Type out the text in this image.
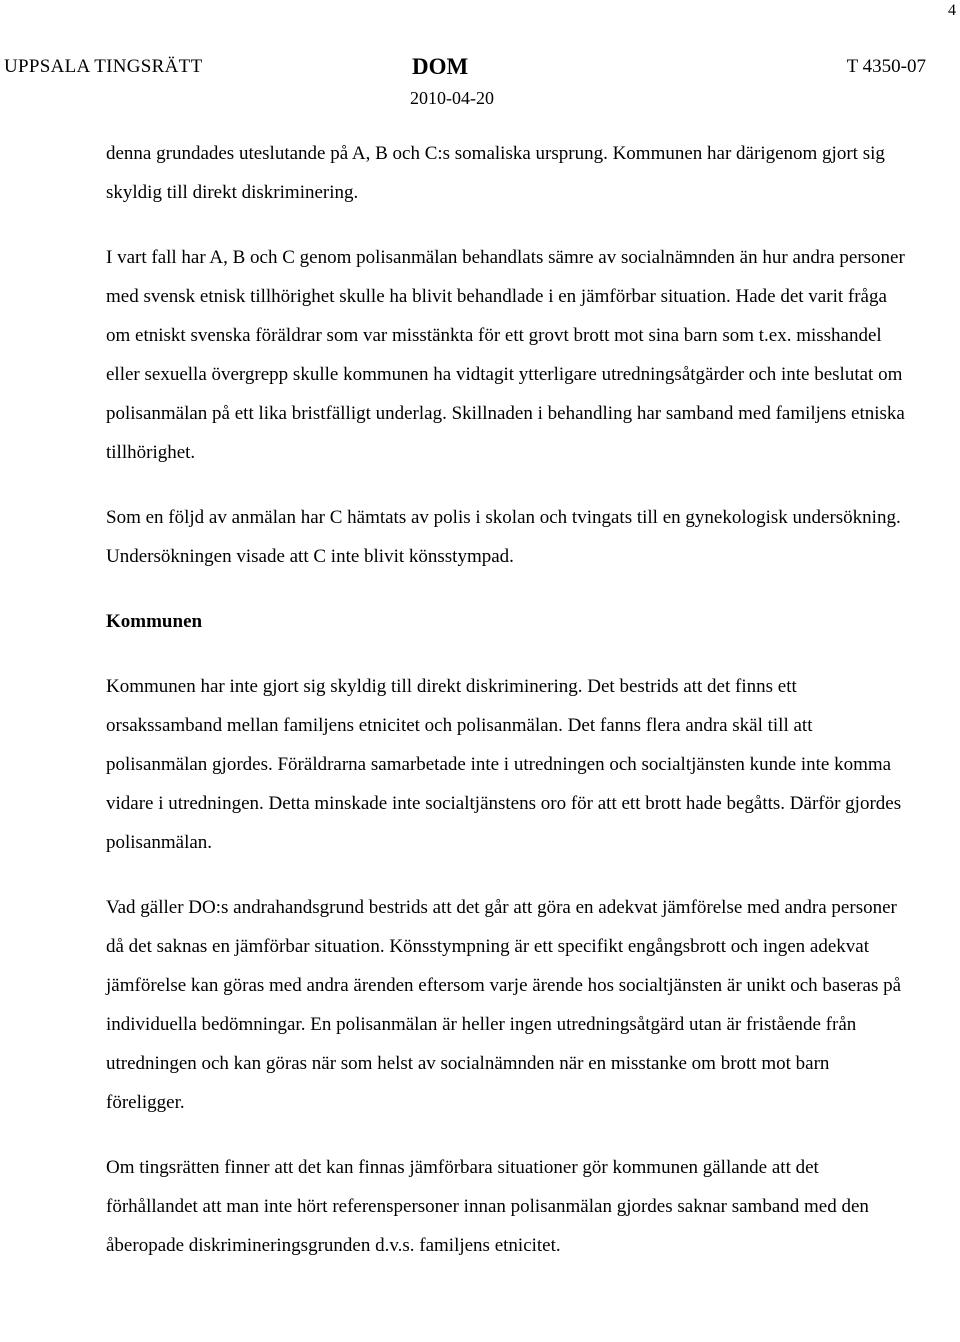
4
UPPSALA TINGSRÄTT	DOM
2010-04-20
T 4350-07

denna grundades uteslutande på A, B och C:s somaliska ursprung. Kommunen har därigenom gjort sig skyldig till direkt diskriminering.

I vart fall har A, B och C genom polisanmälan behandlats sämre av socialnämnden än hur andra personer med svensk etnisk tillhörighet skulle ha blivit behandlade i en jämförbar situation. Hade det varit fråga om etniskt svenska föräldrar som var misstänkta för ett grovt brott mot sina barn som t.ex. misshandel eller sexuella övergrepp skulle kommunen ha vidtagit ytterligare utredningsåtgärder och inte beslutat om polisanmälan på ett lika bristfälligt underlag. Skillnaden i behandling har samband med familjens etniska tillhörighet.

Som en följd av anmälan har C hämtats av polis i skolan och tvingats till en gynekologisk undersökning. Undersökningen visade att C inte blivit könsstympad.

Kommunen

Kommunen har inte gjort sig skyldig till direkt diskriminering. Det bestrids att det finns ett orsakssamband mellan familjens etnicitet och polisanmälan. Det fanns flera andra skäl till att polisanmälan gjordes. Föräldrarna samarbetade inte i utredningen och socialtjänsten kunde inte komma vidare i utredningen. Detta minskade inte socialtjänstens oro för att ett brott hade begåtts. Därför gjordes polisanmälan.

Vad gäller DO:s andrahandsgrund bestrids att det går att göra en adekvat jämförelse med andra personer då det saknas en jämförbar situation. Könsstympning är ett specifikt engångsbrott och ingen adekvat jämförelse kan göras med andra ärenden eftersom varje ärende hos socialtjänsten är unikt och baseras på individuella bedömningar. En polisanmälan är heller ingen utredningsåtgärd utan är fristående från utredningen och kan göras när som helst av socialnämnden när en misstanke om brott mot barn föreligger.

Om tingsrätten finner att det kan finnas jämförbara situationer gör kommunen gällande att det förhållandet att man inte hört referenspersoner innan polisanmälan gjordes saknar samband med den åberopade diskrimineringsgrunden d.v.s. familjens etnicitet.
